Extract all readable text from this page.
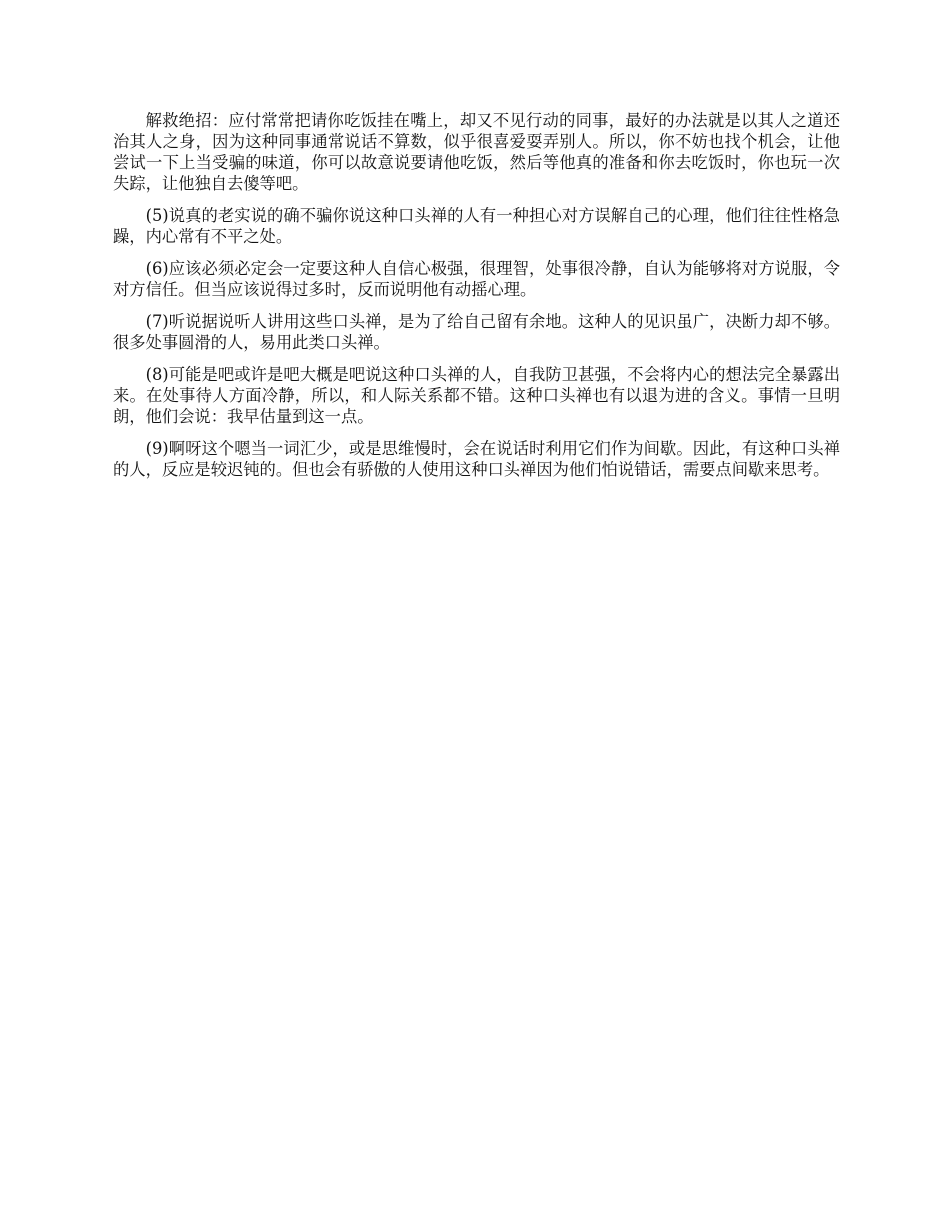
解救绝招：应付常常把请你吃饭挂在嘴上，却又不见行动的同事，最好的办法就是以其人之道还治其人之身，因为这种同事通常说话不算数，似乎很喜爱耍弄别人。所以，你不妨也找个机会，让他尝试一下上当受骗的味道，你可以故意说要请他吃饭，然后等他真的准备和你去吃饭时，你也玩一次失踪，让他独自去傻等吧。

(5)说真的老实说的确不骗你说这种口头禅的人有一种担心对方误解自己的心理，他们往往性格急躁，内心常有不平之处。

(6)应该必须必定会一定要这种人自信心极强，很理智，处事很冷静，自认为能够将对方说服，令对方信任。但当应该说得过多时，反而说明他有动摇心理。

(7)听说据说听人讲用这些口头禅，是为了给自己留有余地。这种人的见识虽广，决断力却不够。很多处事圆滑的人，易用此类口头禅。

(8)可能是吧或许是吧大概是吧说这种口头禅的人，自我防卫甚强，不会将内心的想法完全暴露出来。在处事待人方面冷静，所以，和人际关系都不错。这种口头禅也有以退为进的含义。事情一旦明朗，他们会说：我早估量到这一点。

(9)啊呀这个嗯当一词汇少，或是思维慢时，会在说话时利用它们作为间歇。因此，有这种口头禅的人，反应是较迟钝的。但也会有骄傲的人使用这种口头禅因为他们怕说错话，需要点间歇来思考。
